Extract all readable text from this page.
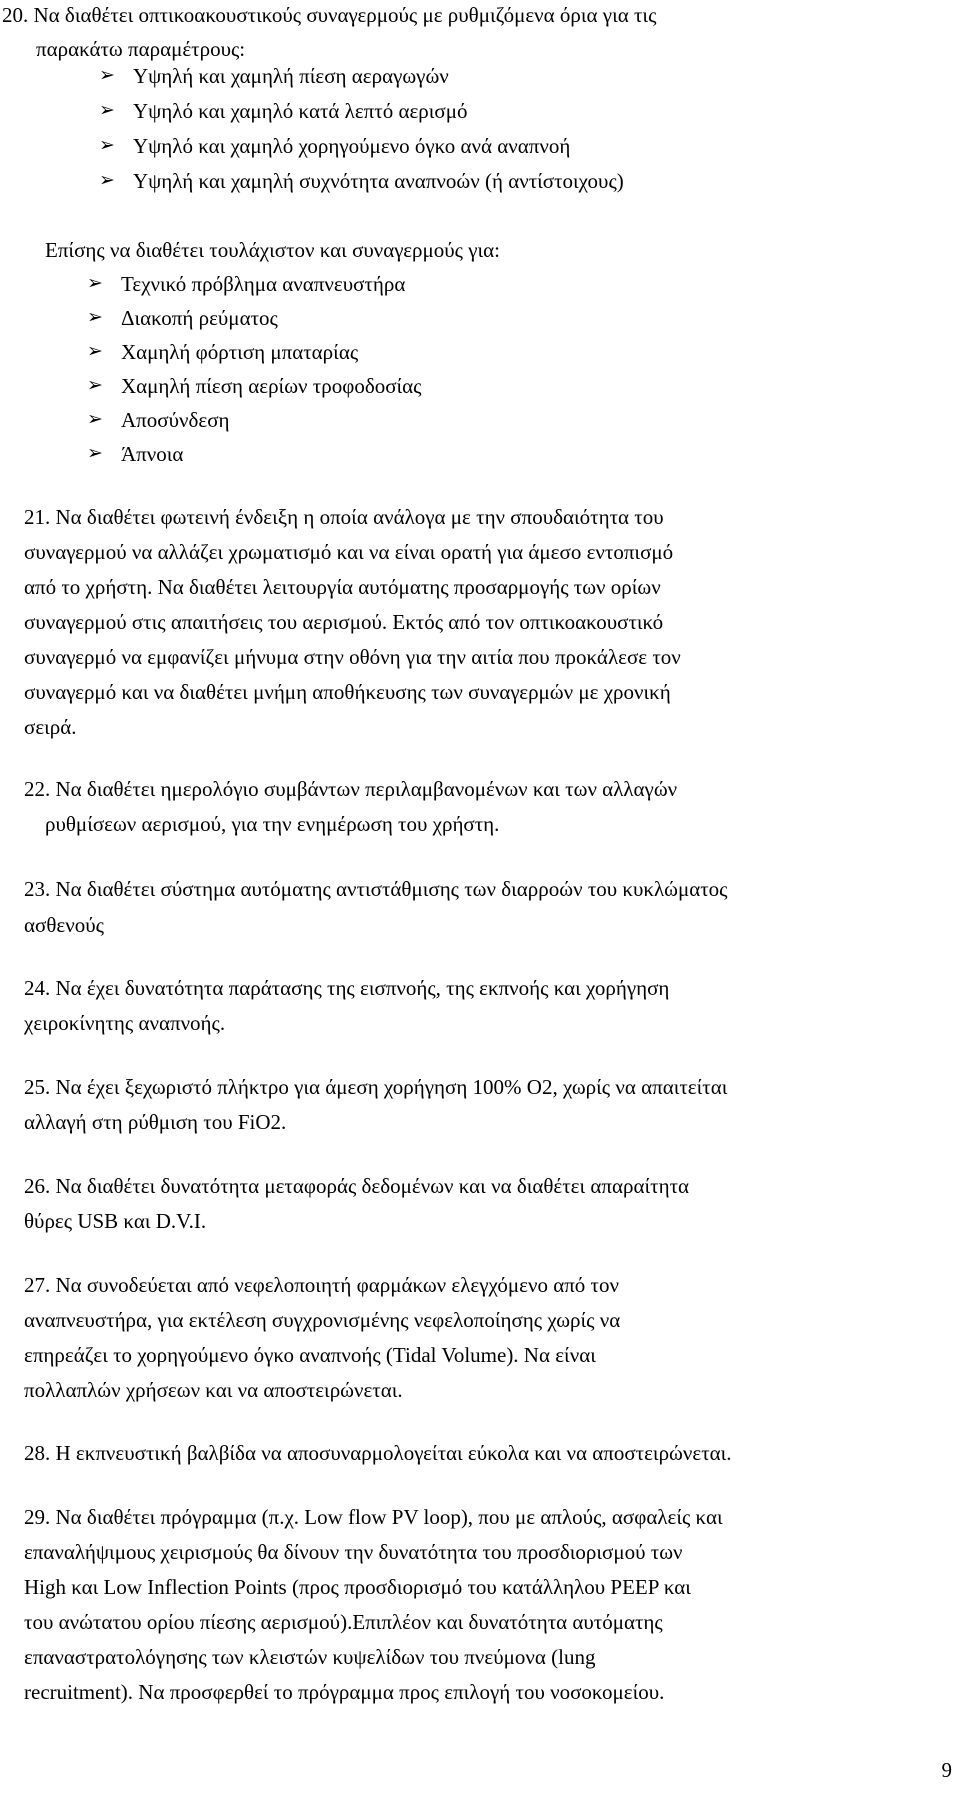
20. Να διαθέτει οπτικοακουστικούς συναγερμούς με ρυθμιζόμενα όρια για τις
παρακάτω παραμέτρους:
➢ Υψηλή και χαμηλή πίεση αεραγωγών
➢ Υψηλό και χαμηλό κατά λεπτό αερισμό
➢ Υψηλό και χαμηλό χορηγούμενο όγκο ανά αναπνοή
➢ Υψηλή και χαμηλή συχνότητα αναπνοών (ή αντίστοιχους)
Επίσης να διαθέτει τουλάχιστον και συναγερμούς για:
➢ Τεχνικό πρόβλημα αναπνευστήρα
➢ Διακοπή ρεύματος
➢ Χαμηλή φόρτιση μπαταρίας
➢ Χαμηλή πίεση αερίων τροφοδοσίας
➢ Αποσύνδεση
➢ Άπνοια
21. Να διαθέτει φωτεινή ένδειξη η οποία ανάλογα με την σπουδαιότητα του
συναγερμού να αλλάζει χρωματισμό και να είναι ορατή για άμεσο εντοπισμό
από το χρήστη. Να διαθέτει λειτουργία αυτόματης προσαρμογής των ορίων
συναγερμού στις απαιτήσεις του αερισμού. Εκτός από τον οπτικοακουστικό
συναγερμό να εμφανίζει μήνυμα στην οθόνη για την αιτία που προκάλεσε τον
συναγερμό και να διαθέτει μνήμη αποθήκευσης των συναγερμών με χρονική
σειρά.
22. Να διαθέτει ημερολόγιο συμβάντων περιλαμβανομένων και των αλλαγών
ρυθμίσεων αερισμού, για την ενημέρωση του χρήστη.
23. Να διαθέτει σύστημα αυτόματης αντιστάθμισης των διαρροών του κυκλώματος
ασθενούς
24. Να έχει δυνατότητα παράτασης της εισπνοής, της εκπνοής και χορήγηση
χειροκίνητης αναπνοής.
25. Να έχει ξεχωριστό πλήκτρο για άμεση χορήγηση 100% O2, χωρίς να απαιτείται
αλλαγή στη ρύθμιση του FiO2.
26. Να διαθέτει δυνατότητα μεταφοράς δεδομένων και να διαθέτει απαραίτητα
θύρες USB και D.V.I.
27. Να συνοδεύεται από νεφελοποιητή φαρμάκων ελεγχόμενο από τον
αναπνευστήρα, για εκτέλεση συγχρονισμένης νεφελοποίησης χωρίς να
επηρεάζει το χορηγούμενο όγκο αναπνοής (Tidal Volume). Να είναι
πολλαπλών χρήσεων και να αποστειρώνεται.
28. Η εκπνευστική βαλβίδα να αποσυναρμολογείται εύκολα και να αποστειρώνεται.
29. Να διαθέτει πρόγραμμα (π.χ. Low flow PV loop), που με απλούς, ασφαλείς και
επαναλήψιμους χειρισμούς θα δίνουν την δυνατότητα του προσδιορισμού των
High και Low Inflection Points (προς προσδιορισμό του κατάλληλου PEEP και
του ανώτατου ορίου πίεσης αερισμού).Επιπλέον και δυνατότητα αυτόματης
επαναστρατολόγησης των κλειστών κυψελίδων του πνεύμονα (lung
recruitment). Να προσφερθεί το πρόγραμμα προς επιλογή του νοσοκομείου.
9
